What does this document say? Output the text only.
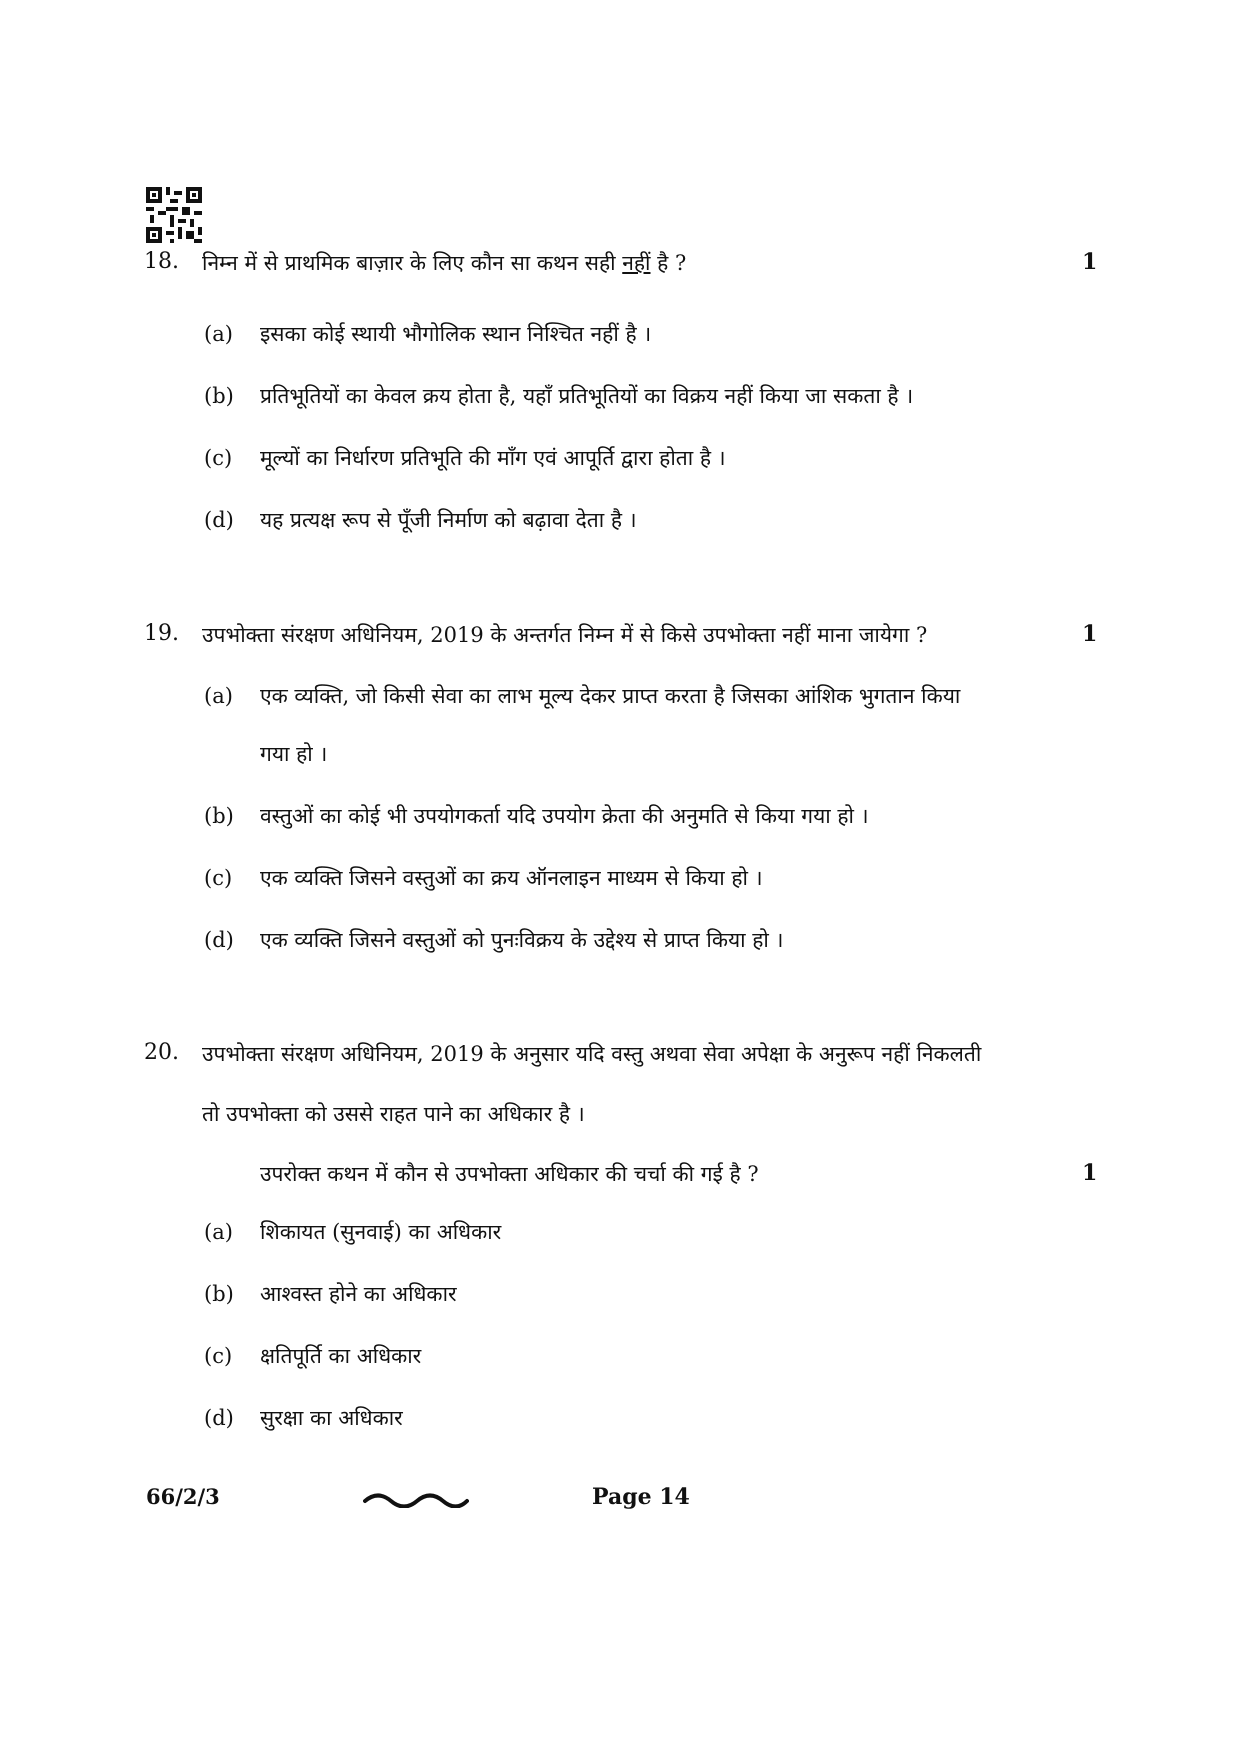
18. निम्न में से प्राथमिक बाज़ार के लिए कौन सा कथन सही नहीं है ?	1
(a) इसका कोई स्थायी भौगोलिक स्थान निश्चित नहीं है ।
(b) प्रतिभूतियों का केवल क्रय होता है, यहाँ प्रतिभूतियों का विक्रय नहीं किया जा सकता है ।
(c) मूल्यों का निर्धारण प्रतिभूति की माँग एवं आपूर्ति द्वारा होता है ।
(d) यह प्रत्यक्ष रूप से पूँजी निर्माण को बढ़ावा देता है ।
19. उपभोक्ता संरक्षण अधिनियम, 2019 के अन्तर्गत निम्न में से किसे उपभोक्ता नहीं माना जायेगा ?	1
(a) एक व्यक्ति, जो किसी सेवा का लाभ मूल्य देकर प्राप्त करता है जिसका आंशिक भुगतान किया
गया हो ।
(b) वस्तुओं का कोई भी उपयोगकर्ता यदि उपयोग क्रेता की अनुमति से किया गया हो ।
(c) एक व्यक्ति जिसने वस्तुओं का क्रय ऑनलाइन माध्यम से किया हो ।
(d) एक व्यक्ति जिसने वस्तुओं को पुनःविक्रय के उद्देश्य से प्राप्त किया हो ।
20. उपभोक्ता संरक्षण अधिनियम, 2019 के अनुसार यदि वस्तु अथवा सेवा अपेक्षा के अनुरूप नहीं निकलती
तो उपभोक्ता को उससे राहत पाने का अधिकार है ।
उपरोक्त कथन में कौन से उपभोक्ता अधिकार की चर्चा की गई है ?	1
(a) शिकायत (सुनवाई) का अधिकार
(b) आश्वस्त होने का अधिकार
(c) क्षतिपूर्ति का अधिकार
(d) सुरक्षा का अधिकार
66/2/3	Page 14
